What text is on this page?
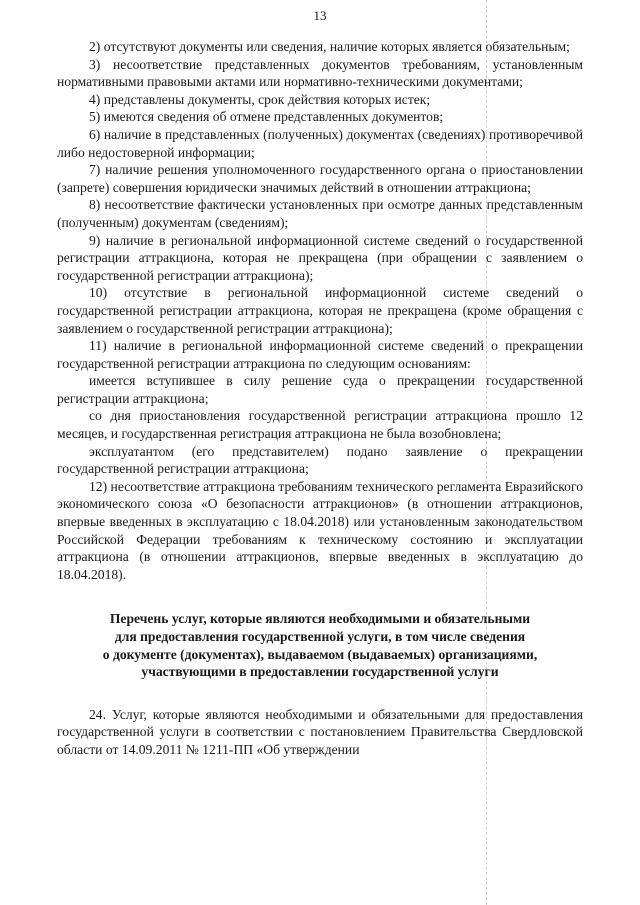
13

2) отсутствуют документы или сведения, наличие которых является обязательным;

3) несоответствие представленных документов требованиям, установленным нормативными правовыми актами или нормативно-техническими документами;

4) представлены документы, срок действия которых истек;

5) имеются сведения об отмене представленных документов;

6) наличие в представленных (полученных) документах (сведениях) противоречивой либо недостоверной информации;

7) наличие решения уполномоченного государственного органа о приостановлении (запрете) совершения юридически значимых действий в отношении аттракциона;

8) несоответствие фактически установленных при осмотре данных представленным (полученным) документам (сведениям);

9) наличие в региональной информационной системе сведений о государственной регистрации аттракциона, которая не прекращена (при обращении с заявлением о государственной регистрации аттракциона);

10) отсутствие в региональной информационной системе сведений о государственной регистрации аттракциона, которая не прекращена (кроме обращения с заявлением о государственной регистрации аттракциона);

11) наличие в региональной информационной системе сведений о прекращении государственной регистрации аттракциона по следующим основаниям:

имеется вступившее в силу решение суда о прекращении государственной регистрации аттракциона;

со дня приостановления государственной регистрации аттракциона прошло 12 месяцев, и государственная регистрация аттракциона не была возобновлена;

эксплуатантом (его представителем) подано заявление о прекращении государственной регистрации аттракциона;

12) несоответствие аттракциона требованиям технического регламента Евразийского экономического союза «О безопасности аттракционов» (в отношении аттракционов, впервые введенных в эксплуатацию с 18.04.2018) или установленным законодательством Российской Федерации требованиям к техническому состоянию и эксплуатации аттракциона (в отношении аттракционов, впервые введенных в эксплуатацию до 18.04.2018).

Перечень услуг, которые являются необходимыми и обязательными
для предоставления государственной услуги, в том числе сведения
о документе (документах), выдаваемом (выдаваемых) организациями,
участвующими в предоставлении государственной услуги

24. Услуг, которые являются необходимыми и обязательными для предоставления государственной услуги в соответствии с постановлением Правительства Свердловской области от 14.09.2011 № 1211-ПП «Об утверждении
